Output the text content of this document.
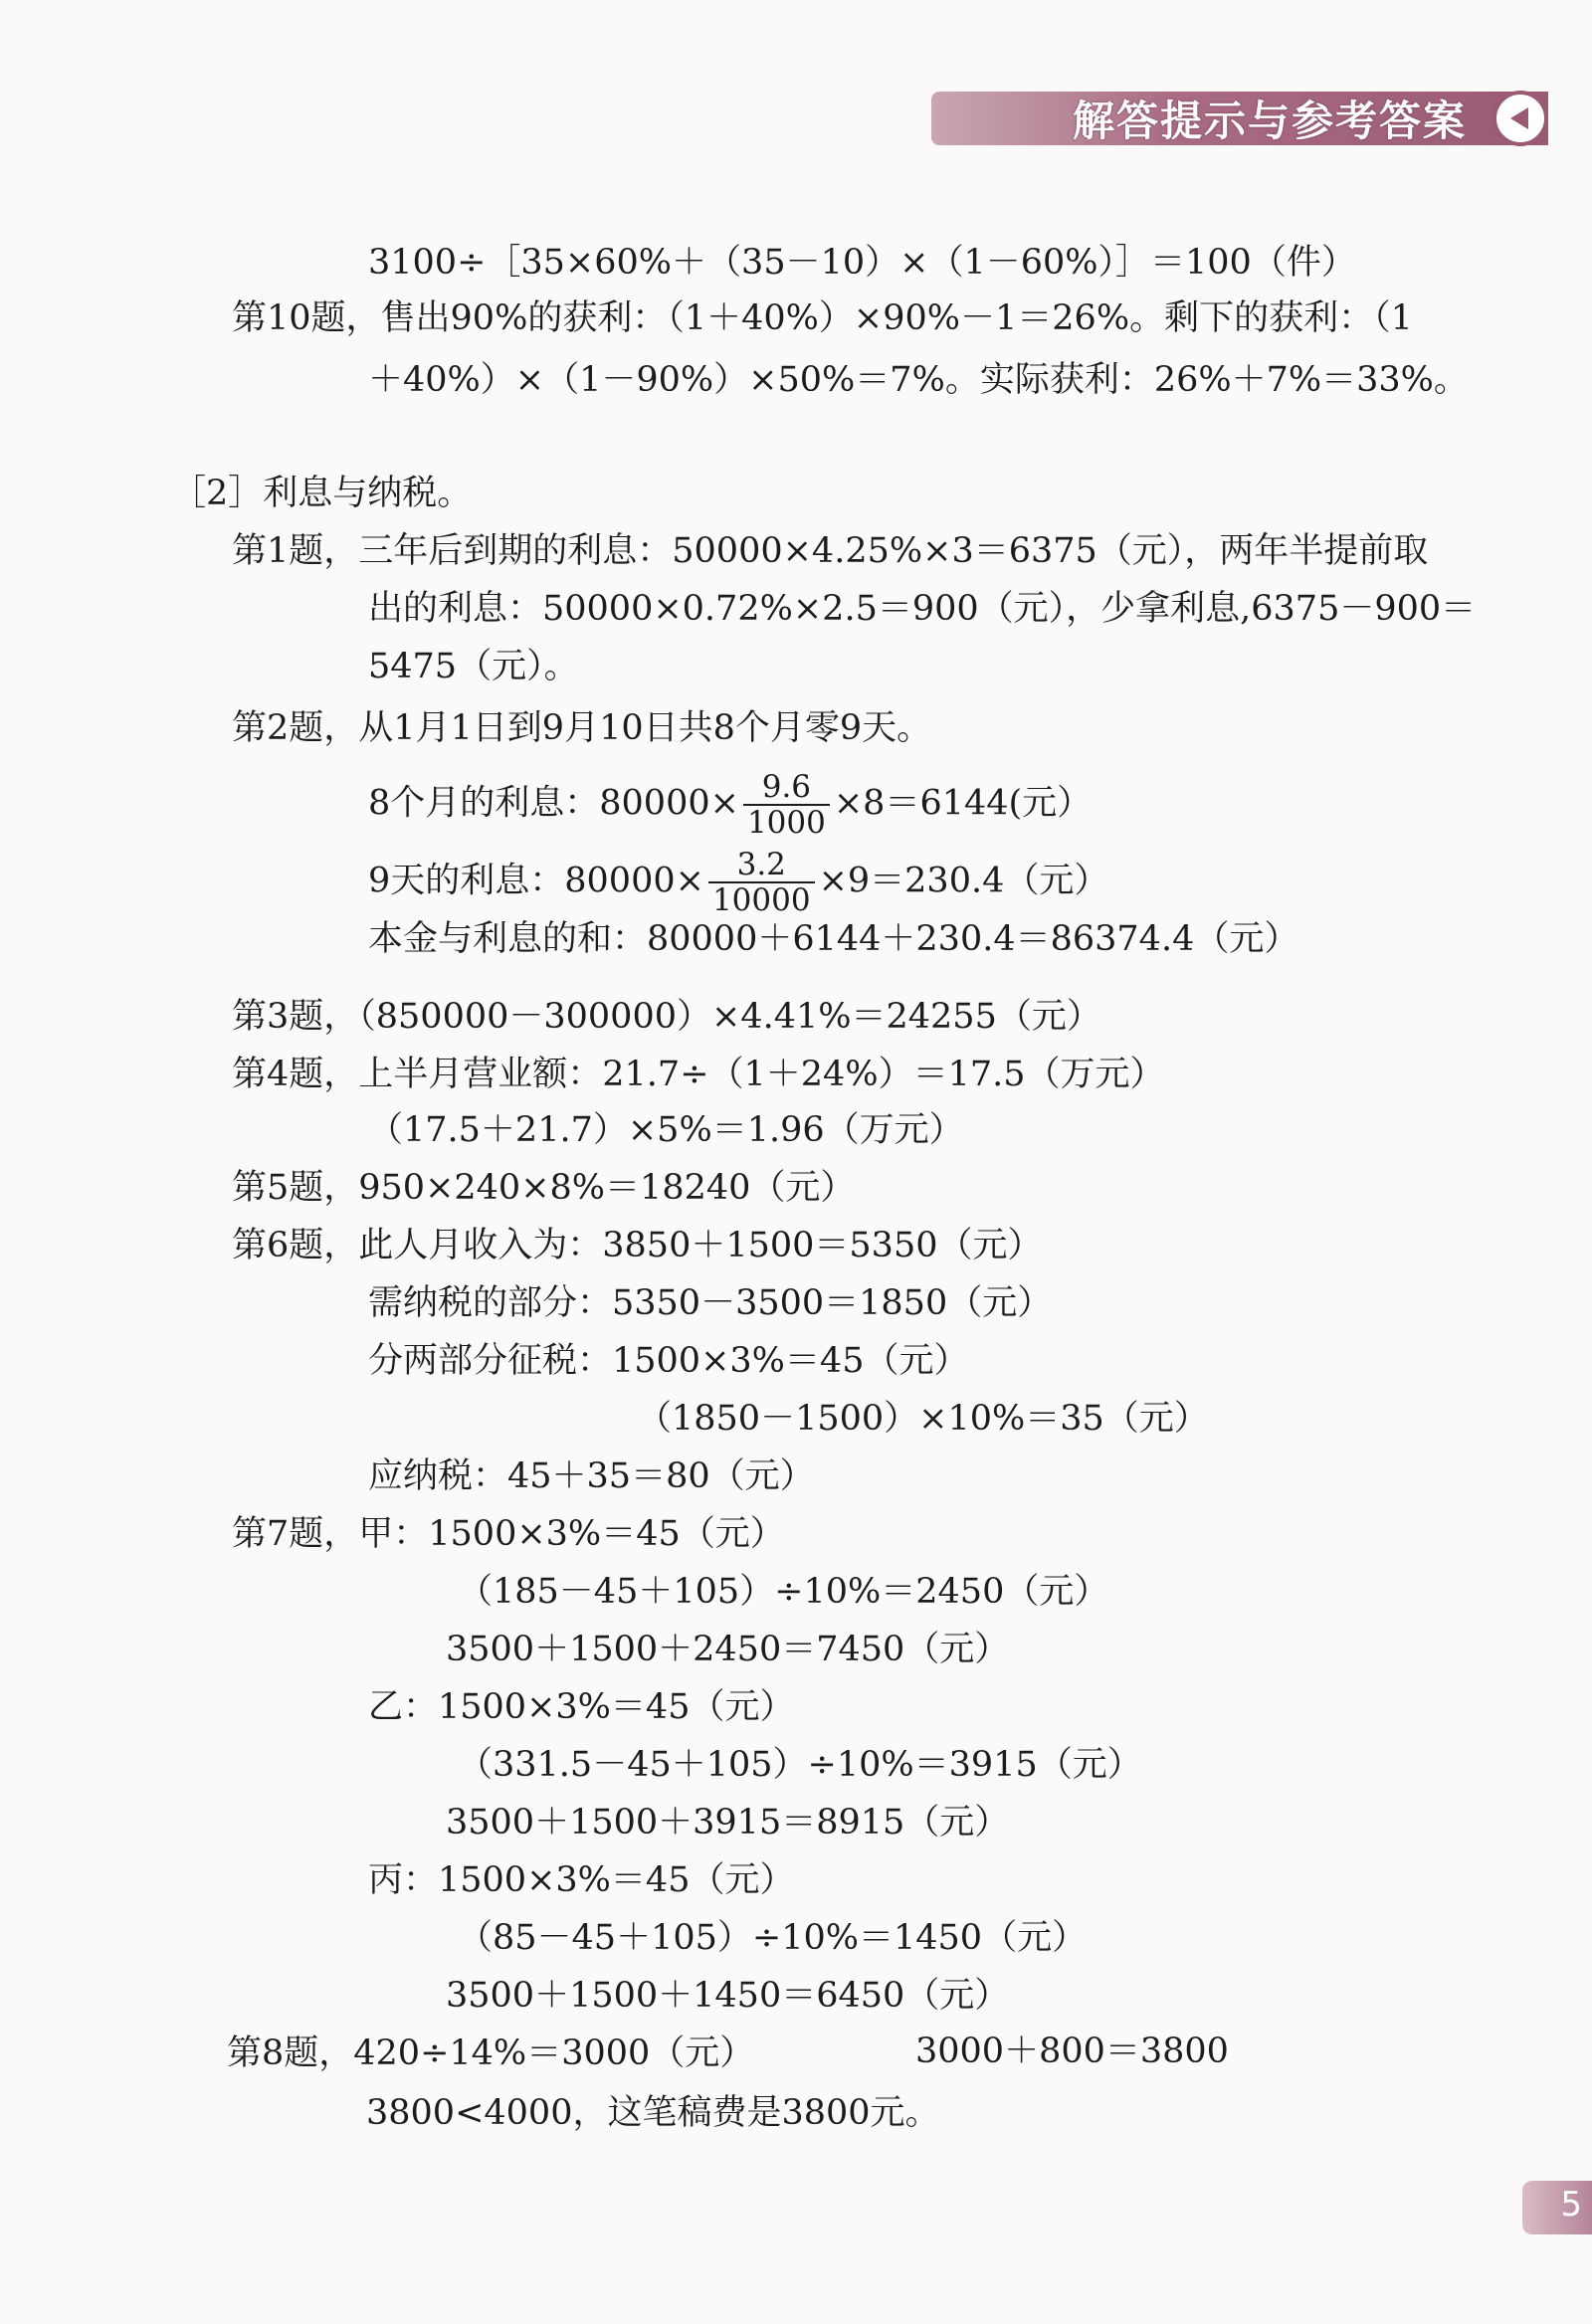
解答提示与参考答案
3100÷［35×60%＋（35－10）×（1－60%）］＝100（件）
第10题，售出90%的获利：（1＋40%）×90%－1＝26%。剩下的获利：（1
＋40%）×（1－90%）×50%＝7%。实际获利：26%＋7%＝33%。
［2］利息与纳税。
第1题，三年后到期的利息：50000×4.25%×3＝6375（元），两年半提前取
出的利息：50000×0.72%×2.5＝900（元），少拿利息,6375－900＝
5475（元）。
第2题，从1月1日到9月10日共8个月零9天。
8个月的利息：$80000\times \frac{9.6}{1000} \times 8=6144$(元）
9天的利息：$80000\times \frac{3.2}{10000} \times 9=230.4$（元）
本金与利息的和：80000＋6144＋230.4＝86374.4（元）
第3题，（850000－300000）×4.41%＝24255（元）
第4题，上半月营业额：21.7÷（1＋24%）＝17.5（万元）
（17.5＋21.7）×5%＝1.96（万元）
第5题，950×240×8%＝18240（元）
第6题，此人月收入为：3850＋1500＝5350（元）
需纳税的部分：5350－3500＝1850（元）
分两部分征税：1500×3%＝45（元）
（1850－1500）×10%＝35（元）
应纳税：45＋35＝80（元）
第7题，甲：1500×3%＝45（元）
（185－45＋105）÷10%＝2450（元）
3500＋1500＋2450＝7450（元）
乙：1500×3%＝45（元）
（331.5－45＋105）÷10%＝3915（元）
3500＋1500＋3915＝8915（元）
丙：1500×3%＝45（元）
（85－45＋105）÷10%＝1450（元）
3500＋1500＋1450＝6450（元）
第8题，420÷14%＝3000（元）	3000＋800＝3800
3800<4000，这笔稿费是3800元。
5
